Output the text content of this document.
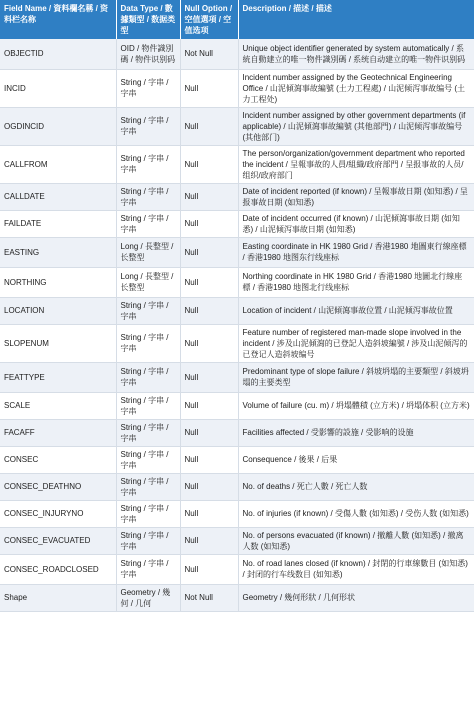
Field Name / 資料欄名稱 / 资料栏名称	Data Type / 數據類型 / 数据类型	Null Option / 空值選項 / 空值选项	Description / 描述 / 描述
OBJECTID	OID / 物件識別碼 / 物件识别码	Not Null	Unique object identifier generated by system automatically / 系統自動建立的唯一物件識別碼 / 系统自动建立的唯一物件识别码
INCID	String / 字串 / 字串	Null	Incident number assigned by the Geotechnical Engineering Office / 山泥傾瀉事故編號 (土力工程處) / 山泥倾泻事故编号 (土力工程处)
OGDINCID	String / 字串 / 字串	Null	Incident number assigned by other government departments (if applicable) / 山泥傾瀉事故編號 (其他部門) / 山泥倾泻事故编号 (其他部门)
CALLFROM	String / 字串 / 字串	Null	The person/organization/government department who reported the incident / 呈報事故的人員/組織/政府部門 / 呈报事故的人员/组织/政府部门
CALLDATE	String / 字串 / 字串	Null	Date of incident reported (if known) / 呈報事故日期 (如知悉) / 呈报事故日期 (如知悉)
FAILDATE	String / 字串 / 字串	Null	Date of incident occurred (if known) / 山泥傾瀉事故日期 (如知悉) / 山泥倾泻事故日期 (如知悉)
EASTING	Long / 長整型 / 长整型	Null	Easting coordinate in HK 1980 Grid / 香港1980 地圖東行線座標 / 香港1980 地图东行线座标
NORTHING	Long / 長整型 / 长整型	Null	Northing coordinate in HK 1980 Grid / 香港1980 地圖北行線座標 / 香港1980 地图北行线座标
LOCATION	String / 字串 / 字串	Null	Location of incident / 山泥傾瀉事故位置 / 山泥倾泻事故位置
SLOPENUM	String / 字串 / 字串	Null	Feature number of registered man-made slope involved in the incident / 涉及山泥傾瀉的已登記人造斜坡編號 / 涉及山泥倾泻的已登记人造斜坡编号
FEATTYPE	String / 字串 / 字串	Null	Predominant type of slope failure / 斜坡坍塌的主要類型 / 斜坡坍塌的主要类型
SCALE	String / 字串 / 字串	Null	Volume of failure (cu. m) / 坍塌體積 (立方米) / 坍塌体积 (立方米)
FACAFF	String / 字串 / 字串	Null	Facilities affected / 受影響的設施 / 受影响的设施
CONSEC	String / 字串 / 字串	Null	Consequence / 後果 / 后果
CONSEC_DEATHNO	String / 字串 / 字串	Null	No. of deaths / 死亡人數 / 死亡人数
CONSEC_INJURYNO	String / 字串 / 字串	Null	No. of injuries (if known) / 受傷人數 (如知悉) / 受伤人数 (如知悉)
CONSEC_EVACUATED	String / 字串 / 字串	Null	No. of persons evacuated (if known) / 撤離人數 (如知悉) / 撤离人数 (如知悉)
CONSEC_ROADCLOSED	String / 字串 / 字串	Null	No. of road lanes closed (if known) / 封閉的行車線數目 (如知悉) / 封闭的行车线数目 (如知悉)
Shape	Geometry / 幾何 / 几何	Not Null	Geometry / 幾何形狀 / 几何形状
